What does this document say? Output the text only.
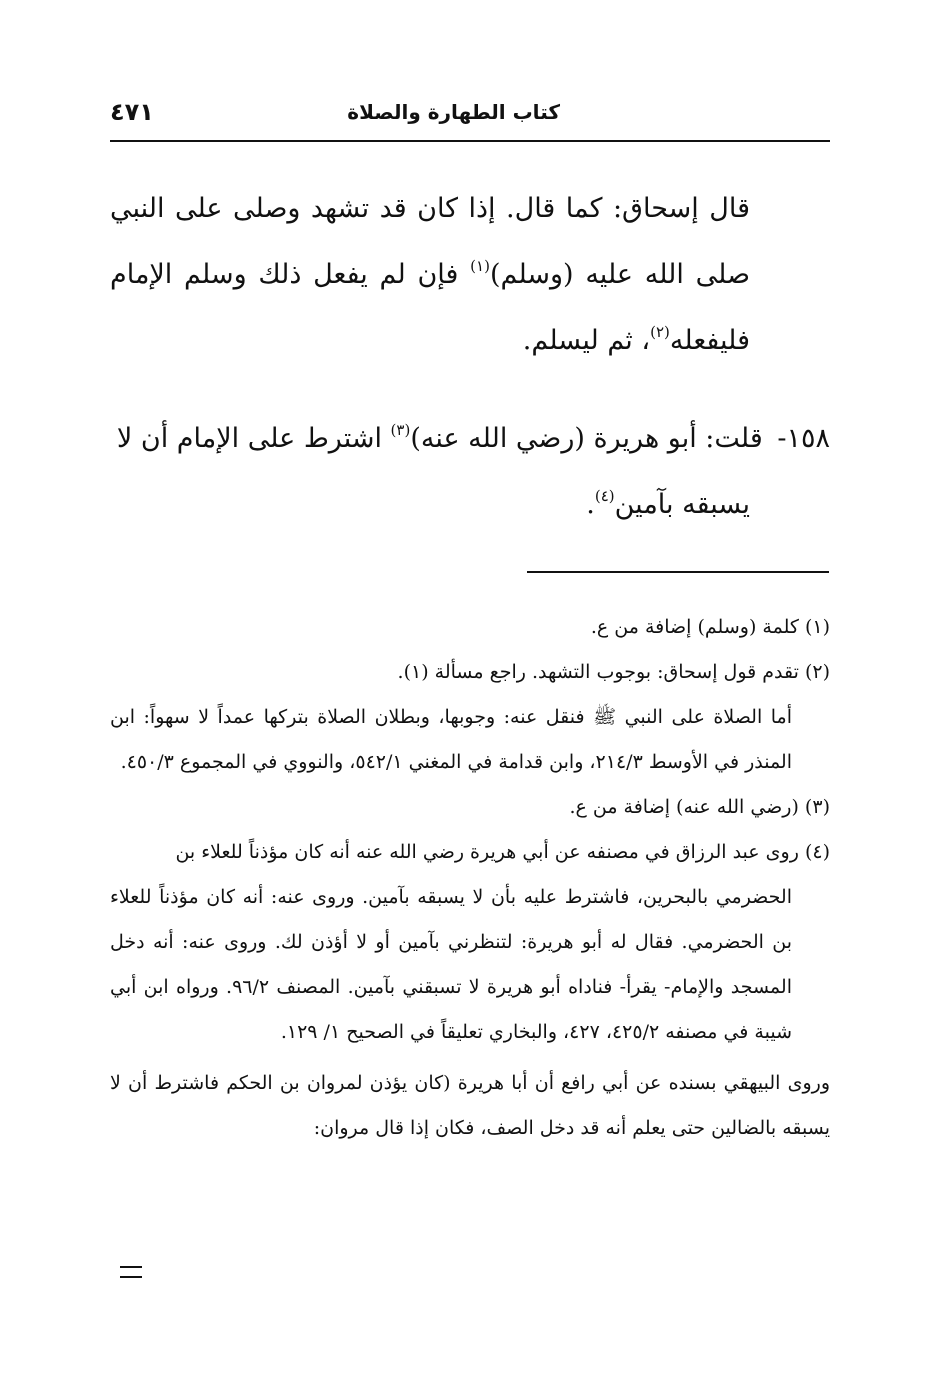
كتاب الطهارة والصلاة
٤٧١
قال إسحاق: كما قال. إذا كان قد تشهد وصلى على النبي صلى الله عليه (وسلم)$^{(١)}$ فإن لم يفعل ذلك وسلم الإمام فليفعله$^{(٢)}$، ثم ليسلم.
١٥٨- قلت: أبو هريرة (رضي الله عنه)$^{(٣)}$ اشترط على الإمام أن لا
يسبقه بآمين$^{(٤)}$.
(١) كلمة (وسلم) إضافة من ع.
(٢) تقدم قول إسحاق: بوجوب التشهد. راجع مسألة (١).
أما الصلاة على النبي ﷺ فنقل عنه: وجوبها، وبطلان الصلاة بتركها عمداً لا سهواً: ابن المنذر في الأوسط ٢١٤/٣، وابن قدامة في المغني ٥٤٢/١، والنووي في المجموع ٤٥٠/٣.
(٣) (رضي الله عنه) إضافة من ع.
(٤) روى عبد الرزاق في مصنفه عن أبي هريرة رضي الله عنه أنه كان مؤذناً للعلاء بن
الحضرمي بالبحرين، فاشترط عليه بأن لا يسبقه بآمين. وروى عنه: أنه كان مؤذناً للعلاء بن الحضرمي. فقال له أبو هريرة: لتنظرني بآمين أو لا أؤذن لك. وروى عنه: أنه دخل المسجد والإمام- يقرأ- فناداه أبو هريرة لا تسبقني بآمين. المصنف ٩٦/٢. ورواه ابن أبي شيبة في مصنفه ٤٢٥/٢، ٤٢٧، والبخاري تعليقاً في الصحيح ١/ ١٢٩.
وروى البيهقي بسنده عن أبي رافع أن أبا هريرة (كان يؤذن لمروان بن الحكم فاشترط أن لا يسبقه بالضالين حتى يعلم أنه قد دخل الصف، فكان إذا قال مروان:
